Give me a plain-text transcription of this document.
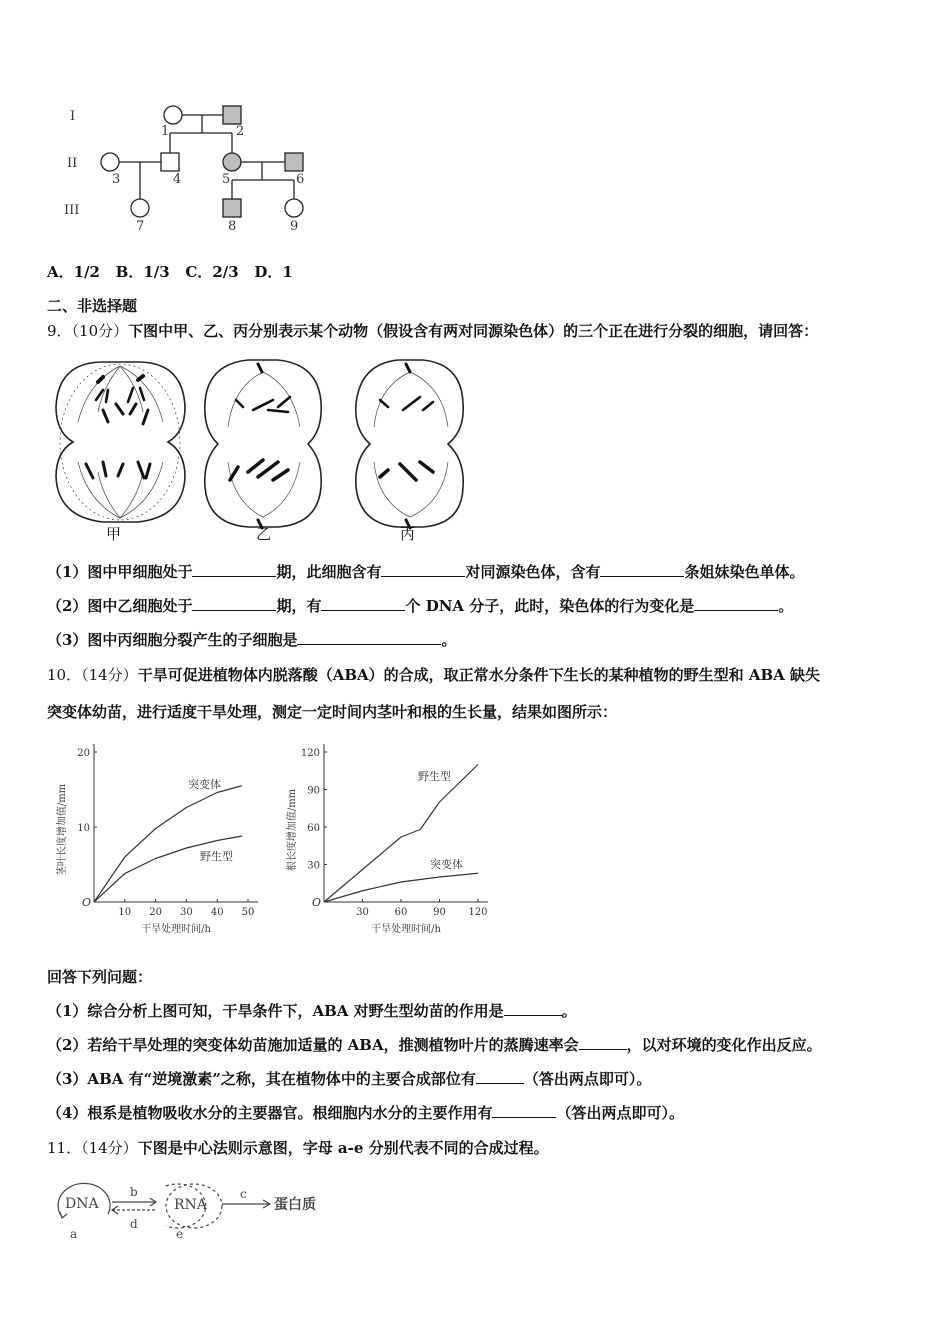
I
II
III
1	2
3	4	5	6
7	8	9
A．1/2 B．1/3 C．2/3 D．1
二、非选择题
9．（10分）下图中甲、乙、丙分别表示某个动物（假设含有两对同源染色体）的三个正在进行分裂的细胞，请回答：
甲	乙	丙
（1）图中甲细胞处于	期，此细胞含有	对同源染色体，含有	条姐妹染色单体。
（2）图中乙细胞处于	期，有	个 DNA 分子，此时，染色体的行为变化是	。
（3）图中丙细胞分裂产生的子细胞是	。
10．（14分）干旱可促进植物体内脱落酸（ABA）的合成，取正常水分条件下生长的某种植物的野生型和 ABA 缺失
突变体幼苗，进行适度干旱处理，测定一定时间内茎叶和根的生长量，结果如图所示：
10 20 30 40 50
10
20
O
茎叶长度增加值/mm
干旱处理时间/h
突变体
野生型
30	60	90 120
30
60
90
120
O
根长度增加值/mm
干旱处理时间/h
野生型
突变体
回答下列问题：
（1）综合分析上图可知，干旱条件下，ABA 对野生型幼苗的作用是	。
（2）若给干旱处理的突变体幼苗施加适量的 ABA，推测植物叶片的蒸腾速率会	，以对环境的变化作出反应。
（3）ABA 有“逆境激素”之称，其在植物体中的主要合成部位有	（答出两点即可）。
（4）根系是植物吸收水分的主要器官。根细胞内水分的主要作用有	（答出两点即可）。
11．（14分）下图是中心法则示意图，字母 a-e 分别代表不同的合成过程。
DNA	RNA	蛋白质
a
b	c
d
e
